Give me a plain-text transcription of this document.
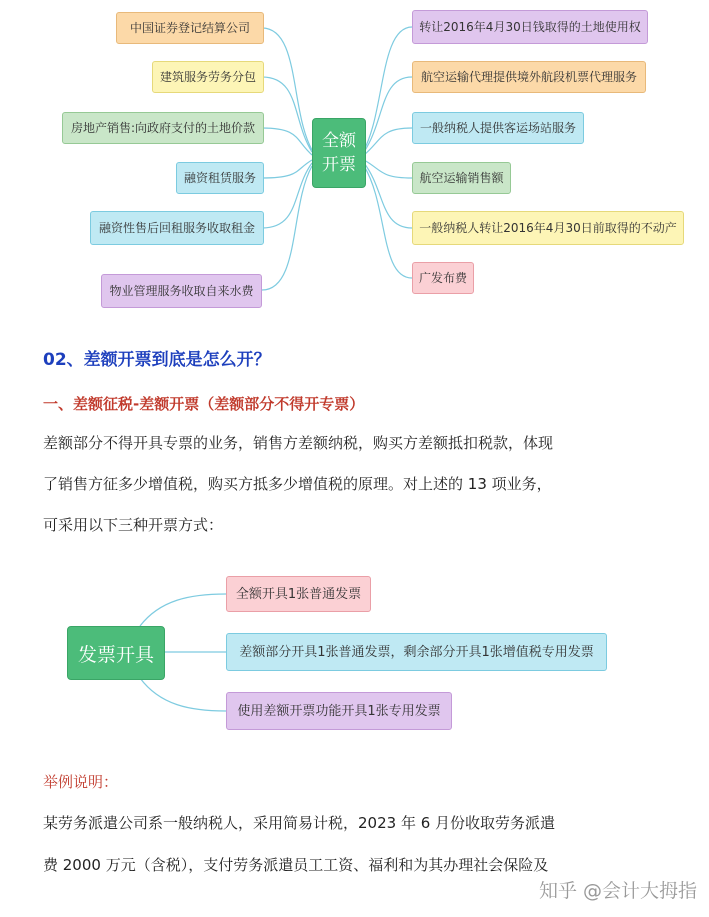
中国证券登记结算公司
建筑服务劳务分包
房地产销售:向政府支付的土地价款
融资租赁服务
融资性售后回租服务收取租金
物业管理服务收取自来水费
全额
开票
转让2016年4月30日钱取得的土地使用权
航空运输代理提供境外航段机票代理服务
一般纳税人提供客运场站服务
航空运输销售额
一般纳税人转让2016年4月30日前取得的不动产
广发布费
02、差额开票到底是怎么开？
一、差额征税-差额开票（差额部分不得开专票）
差额部分不得开具专票的业务，销售方差额纳税，购买方差额抵扣税款，体现
了销售方征多少增值税，购买方抵多少增值税的原理。对上述的 13 项业务，
可采用以下三种开票方式：
发票开具
全额开具1张普通发票
差额部分开具1张普通发票，剩余部分开具1张增值税专用发票
使用差额开票功能开具1张专用发票
举例说明：
某劳务派遣公司系一般纳税人，采用简易计税，2023 年 6 月份收取劳务派遣
费 2000 万元（含税），支付劳务派遣员工工资、福利和为其办理社会保险及
知乎 @会计大拇指
